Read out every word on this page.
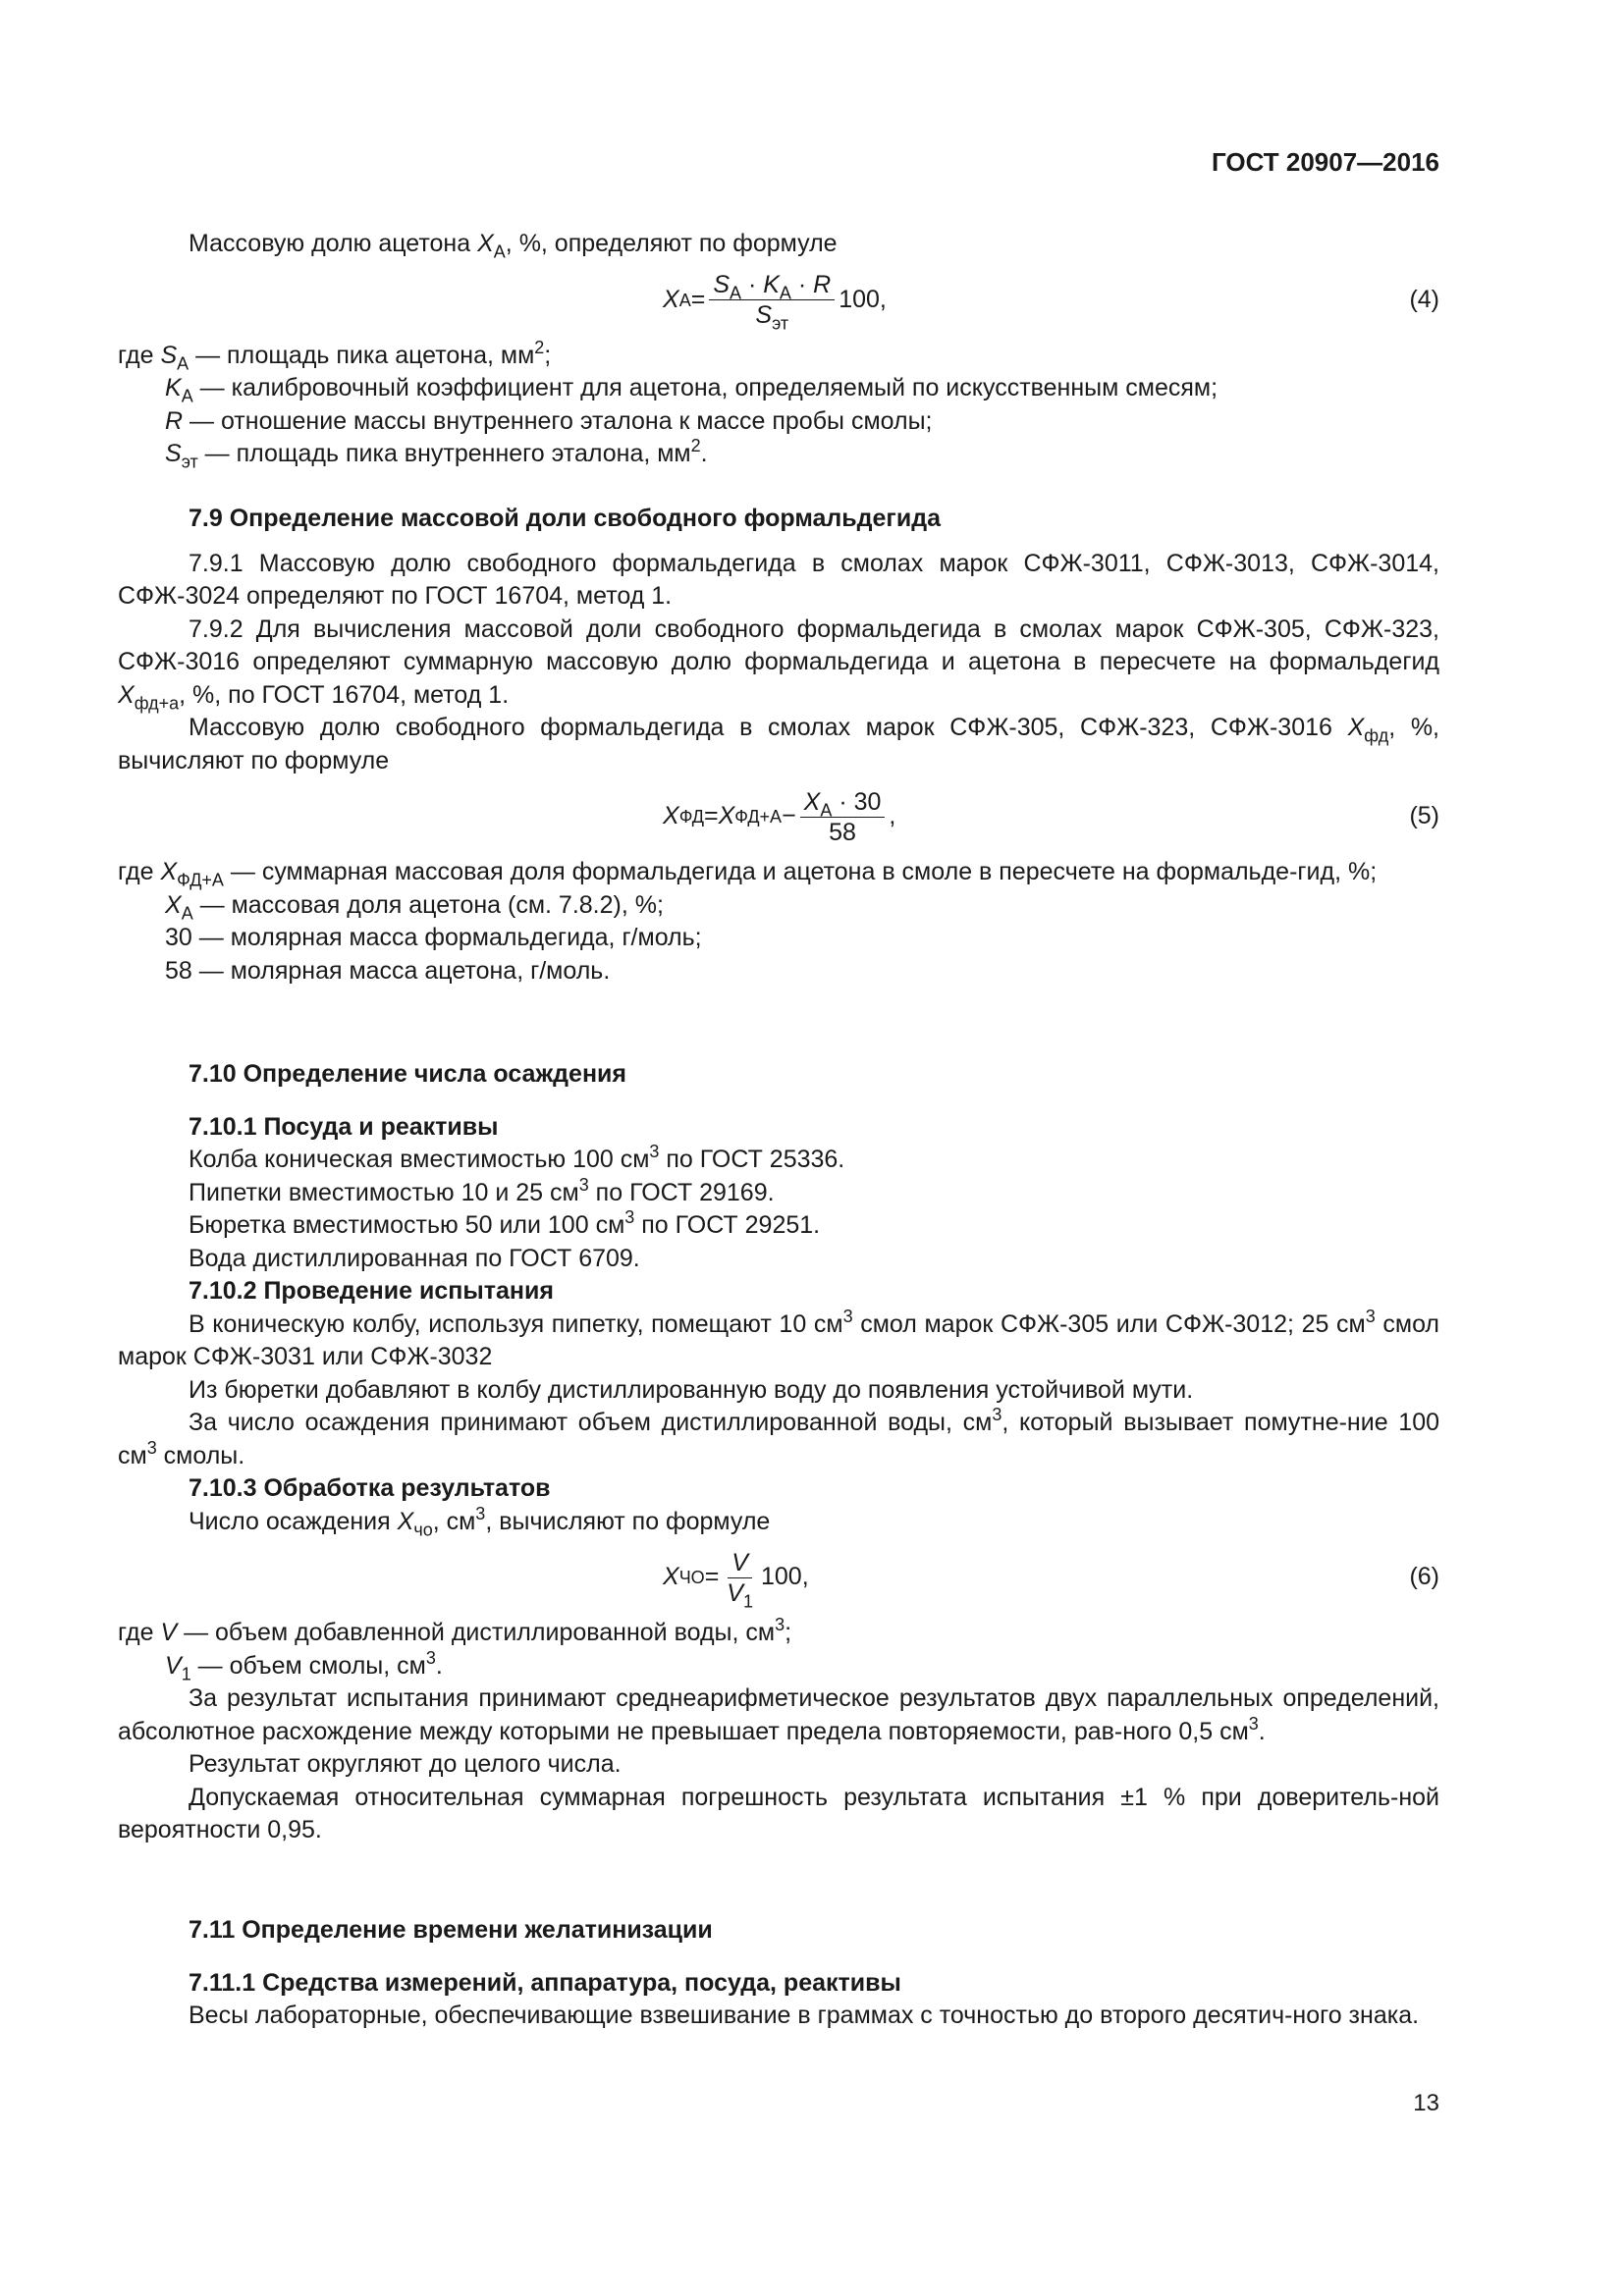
ГОСТ 20907—2016

Массовую долю ацетона $X_А$, %, определяют по формуле

X $А = \frac{S_А \cdot K_А \cdot R}{S_{эт}} 100$,	(4)

где $S_А$ — площадь пика ацетона, $мм^2$;

$K_А$ — калибровочный коэффициент для ацетона, определяемый по искусственным смесям;

R — отношение массы внутреннего эталона к массе пробы смолы;

$S_{эт}$ — площадь пика внутреннего эталона, $мм^2$.

7.9 Определение массовой доли свободного формальдегида

7.9.1 Массовую долю свободного формальдегида в смолах марок СФЖ-3011, СФЖ-3013, СФЖ-3014, СФЖ-3024 определяют по ГОСТ 16704, метод 1.

7.9.2 Для вычисления массовой доли свободного формальдегида в смолах марок СФЖ-305, СФЖ-323, СФЖ-3016 определяют суммарную массовую долю формальдегида и ацетона в пересчете на формальдегид $X_{фд+а}$, %, по ГОСТ 16704, метод 1.

Массовую долю свободного формальдегида в смолах марок СФЖ-305, СФЖ-323, СФЖ-3016 $X_{фд}$, %, вычисляют по формуле

X ФД = X $ФД+А - \frac{X_А \cdot 30}{58}$ ,	(5)

где $X_{ФД+А}$ — суммарная массовая доля формальдегида и ацетона в смоле в пересчете на формальде-гид, %;

$X_А$ — массовая доля ацетона (см. 7.8.2), %;

30 — молярная масса формальдегида, г/моль;

58 — молярная масса ацетона, г/моль.

7.10 Определение числа осаждения

7.10.1 Посуда и реактивы

Колба коническая вместимостью 100 $см^3$ по ГОСТ 25336.

Пипетки вместимостью 10 и 25 $см^3$ по ГОСТ 29169.

Бюретка вместимостью 50 или 100 $см^3$ по ГОСТ 29251.

Вода дистиллированная по ГОСТ 6709.

7.10.2 Проведение испытания

В коническую колбу, используя пипетку, помещают 10 $см^3$ смол марок СФЖ-305 или СФЖ-3012; 25 $см^3$ смол марок СФЖ-3031 или СФЖ-3032

Из бюретки добавляют в колбу дистиллированную воду до появления устойчивой мути.

За число осаждения принимают объем дистиллированной воды, $см^3$, который вызывает помутне-ние 100 $см^3$ смолы.

7.10.3 Обработка результатов

Число осаждения $X_{чо}$, $см^3$, вычисляют по формуле

X ЧО = $\frac{V}{V_1} 100$,	(6)

где V — объем добавленной дистиллированной воды, $см^3$;

$V_1$ — объем смолы, $см^3$.

За результат испытания принимают среднеарифметическое результатов двух параллельных определений, абсолютное расхождение между которыми не превышает предела повторяемости, рав-ного 0,5 $см^3$.

Результат округляют до целого числа.

Допускаемая относительная суммарная погрешность результата испытания ±1 % при доверитель-ной вероятности 0,95.

7.11 Определение времени желатинизации

7.11.1 Средства измерений, аппаратура, посуда, реактивы

Весы лабораторные, обеспечивающие взвешивание в граммах с точностью до второго десятич-ного знака.

13
